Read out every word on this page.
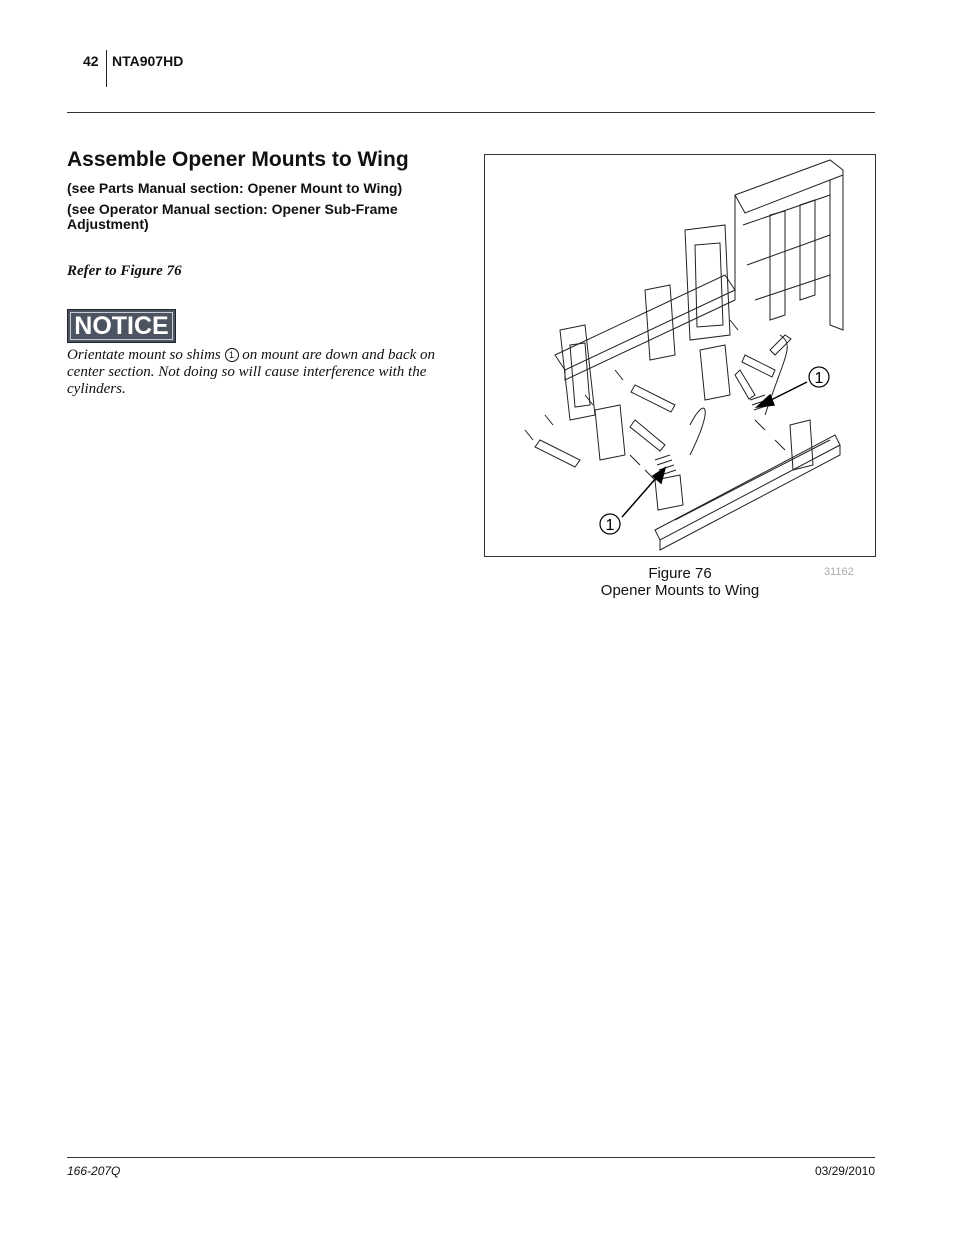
42 NTA907HD
Assemble Opener Mounts to Wing
(see Parts Manual section: Opener Mount to Wing)
(see Operator Manual section: Opener Sub-Frame Adjustment)
Refer to Figure 76
NOTICE
Orientate mount so shims 1 on mount are down and back on center section. Not doing so will cause interference with the cylinders.
1
1
Figure 76
Opener Mounts to Wing
31162
166-207Q	03/29/2010
